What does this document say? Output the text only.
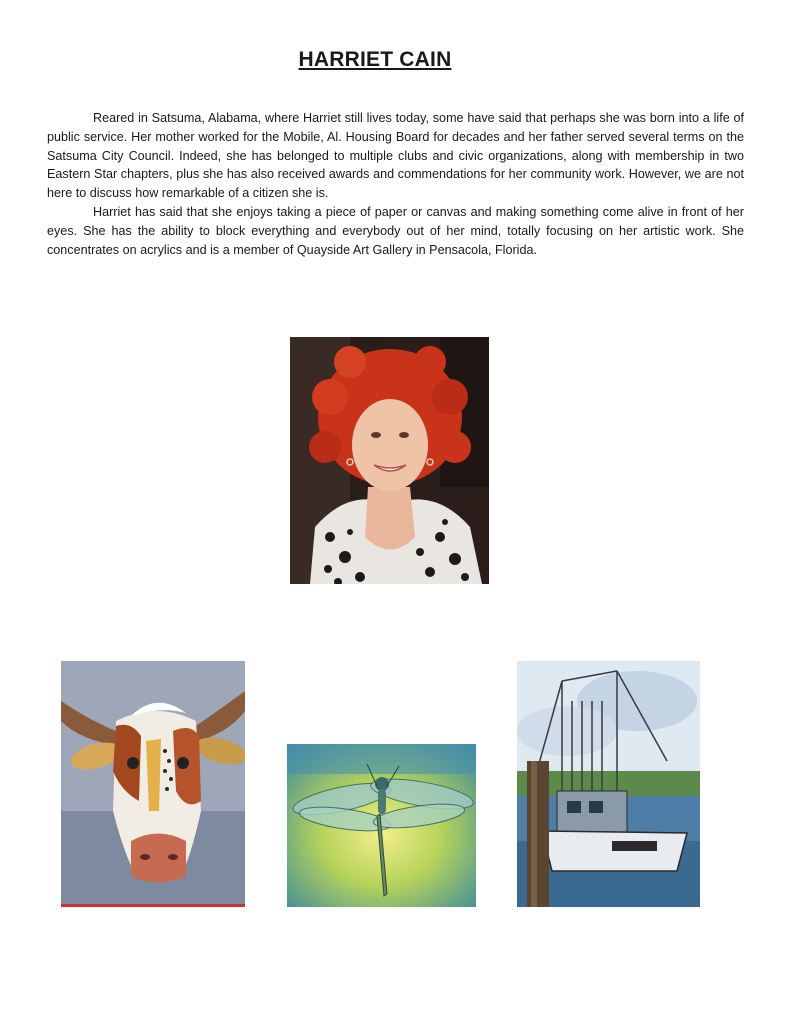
HARRIET CAIN

Reared in Satsuma, Alabama, where Harriet still lives today, some have said that perhaps she was born into a life of public service. Her mother worked for the Mobile, Al. Housing Board for decades and her father served several terms on the Satsuma City Council. Indeed, she has belonged to multiple clubs and civic organizations, along with membership in two Eastern Star chapters, plus she has also received awards and commendations for her community work. However, we are not here to discuss how remarkable of a citizen she is.

Harriet has said that she enjoys taking a piece of paper or canvas and making something come alive in front of her eyes. She has the ability to block everything and everybody out of her mind, totally focusing on her artistic work. She concentrates on acrylics and is a member of Quayside Art Gallery in Pensacola, Florida.
